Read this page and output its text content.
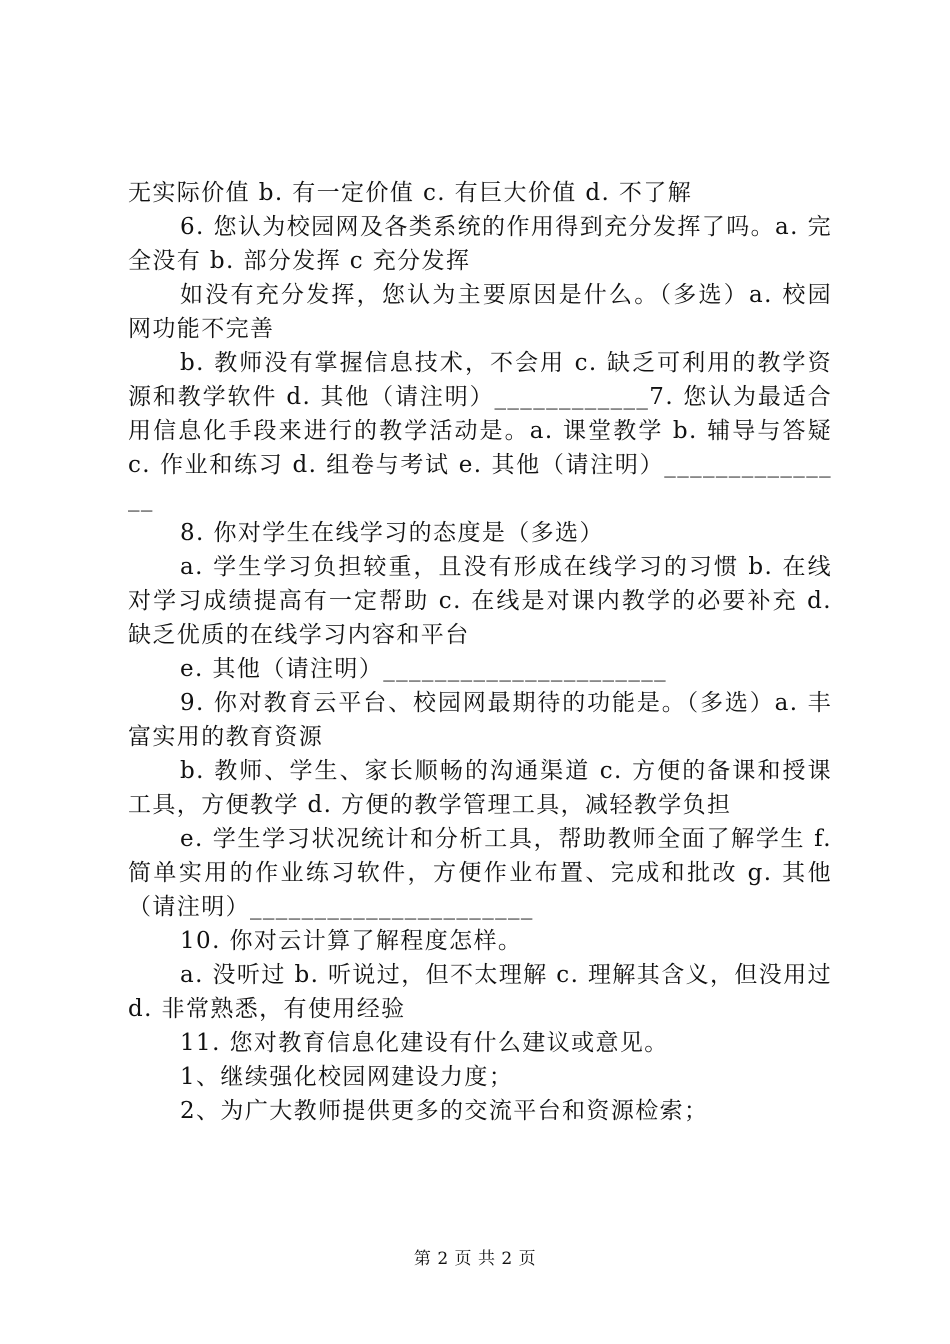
无实际价值 b. 有一定价值 c. 有巨大价值 d. 不了解

6. 您认为校园网及各类系统的作用得到充分发挥了吗。a. 完全没有 b. 部分发挥 c 充分发挥

如没有充分发挥，您认为主要原因是什么。（多选）a. 校园网功能不完善

b. 教师没有掌握信息技术，不会用 c. 缺乏可利用的教学资源和教学软件 d. 其他（请注明）____________7. 您认为最适合用信息化手段来进行的教学活动是。a. 课堂教学 b. 辅导与答疑 c. 作业和练习 d. 组卷与考试 e. 其他（请注明）_______________

8. 你对学生在线学习的态度是（多选）

a. 学生学习负担较重，且没有形成在线学习的习惯 b. 在线对学习成绩提高有一定帮助 c. 在线是对课内教学的必要补充 d. 缺乏优质的在线学习内容和平台

e. 其他（请注明）______________________

9. 你对教育云平台、校园网最期待的功能是。（多选）a. 丰富实用的教育资源

b. 教师、学生、家长顺畅的沟通渠道 c. 方便的备课和授课工具，方便教学 d. 方便的教学管理工具，减轻教学负担

e. 学生学习状况统计和分析工具，帮助教师全面了解学生 f. 简单实用的作业练习软件，方便作业布置、完成和批改 g. 其他（请注明）______________________

10. 你对云计算了解程度怎样。

a. 没听过 b. 听说过，但不太理解 c. 理解其含义，但没用过 d. 非常熟悉，有使用经验

11. 您对教育信息化建设有什么建议或意见。

1、继续强化校园网建设力度；

2、为广大教师提供更多的交流平台和资源检索；

第 2 页 共 2 页
